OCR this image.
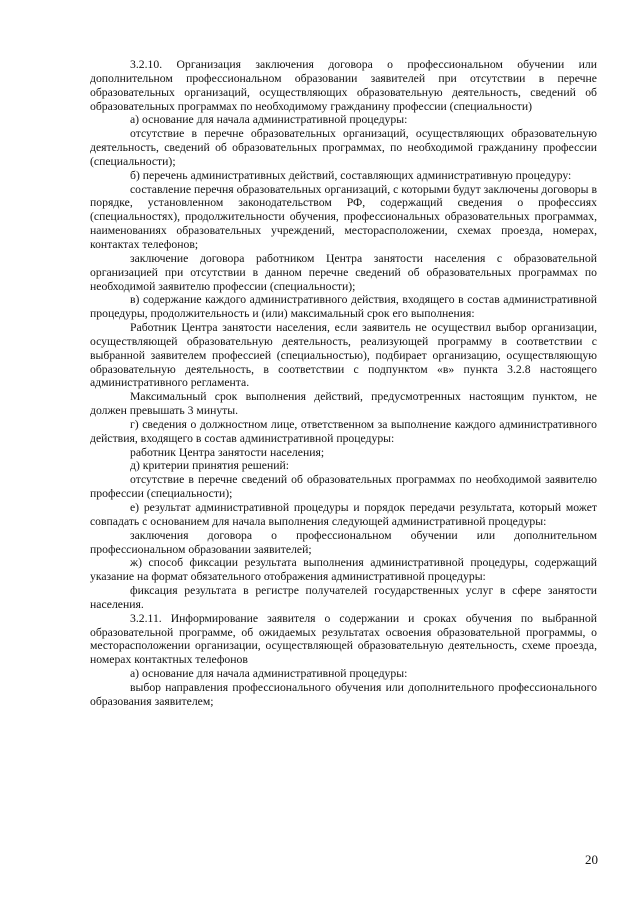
3.2.10. Организация заключения договора о профессиональном обучении или дополнительном профессиональном образовании заявителей при отсутствии в перечне образовательных организаций, осуществляющих образовательную деятельность, сведений об образовательных программах по необходимому гражданину профессии (специальности)

а) основание для начала административной процедуры:

отсутствие в перечне образовательных организаций, осуществляющих образовательную деятельность, сведений об образовательных программах, по необходимой гражданину профессии (специальности);

б) перечень административных действий, составляющих административную процедуру:

составление перечня образовательных организаций, с которыми будут заключены договоры в порядке, установленном законодательством РФ, содержащий сведения о профессиях (специальностях), продолжительности обучения, профессиональных образовательных программах, наименованиях образовательных учреждений, месторасположении, схемах проезда, номерах, контактах телефонов;

заключение договора работником Центра занятости населения с образовательной организацией при отсутствии в данном перечне сведений об образовательных программах по необходимой заявителю профессии (специальности);

в) содержание каждого административного действия, входящего в состав административной процедуры, продолжительность и (или) максимальный срок его выполнения:

Работник Центра занятости населения, если заявитель не осуществил выбор организации, осуществляющей образовательную деятельность, реализующей программу в соответствии с выбранной заявителем профессией (специальностью), подбирает организацию, осуществляющую образовательную деятельность, в соответствии с подпунктом «в» пункта 3.2.8 настоящего административного регламента.

Максимальный срок выполнения действий, предусмотренных настоящим пунктом, не должен превышать 3 минуты.

г) сведения о должностном лице, ответственном за выполнение каждого административного действия, входящего в состав административной процедуры:

работник Центра занятости населения;

д) критерии принятия решений:

отсутствие в перечне сведений об образовательных программах по необходимой заявителю профессии (специальности);

е) результат административной процедуры и порядок передачи результата, который может совпадать с основанием для начала выполнения следующей административной процедуры:

заключения договора о профессиональном обучении или дополнительном профессиональном образовании заявителей;

ж) способ фиксации результата выполнения административной процедуры, содержащий указание на формат обязательного отображения административной процедуры:

фиксация результата в регистре получателей государственных услуг в сфере занятости населения.

3.2.11. Информирование заявителя о содержании и сроках обучения по выбранной образовательной программе, об ожидаемых результатах освоения образовательной программы, о месторасположении организации, осуществляющей образовательную деятельность, схеме проезда, номерах контактных телефонов

а) основание для начала административной процедуры:

выбор направления профессионального обучения или дополнительного профессионального образования заявителем;

20
